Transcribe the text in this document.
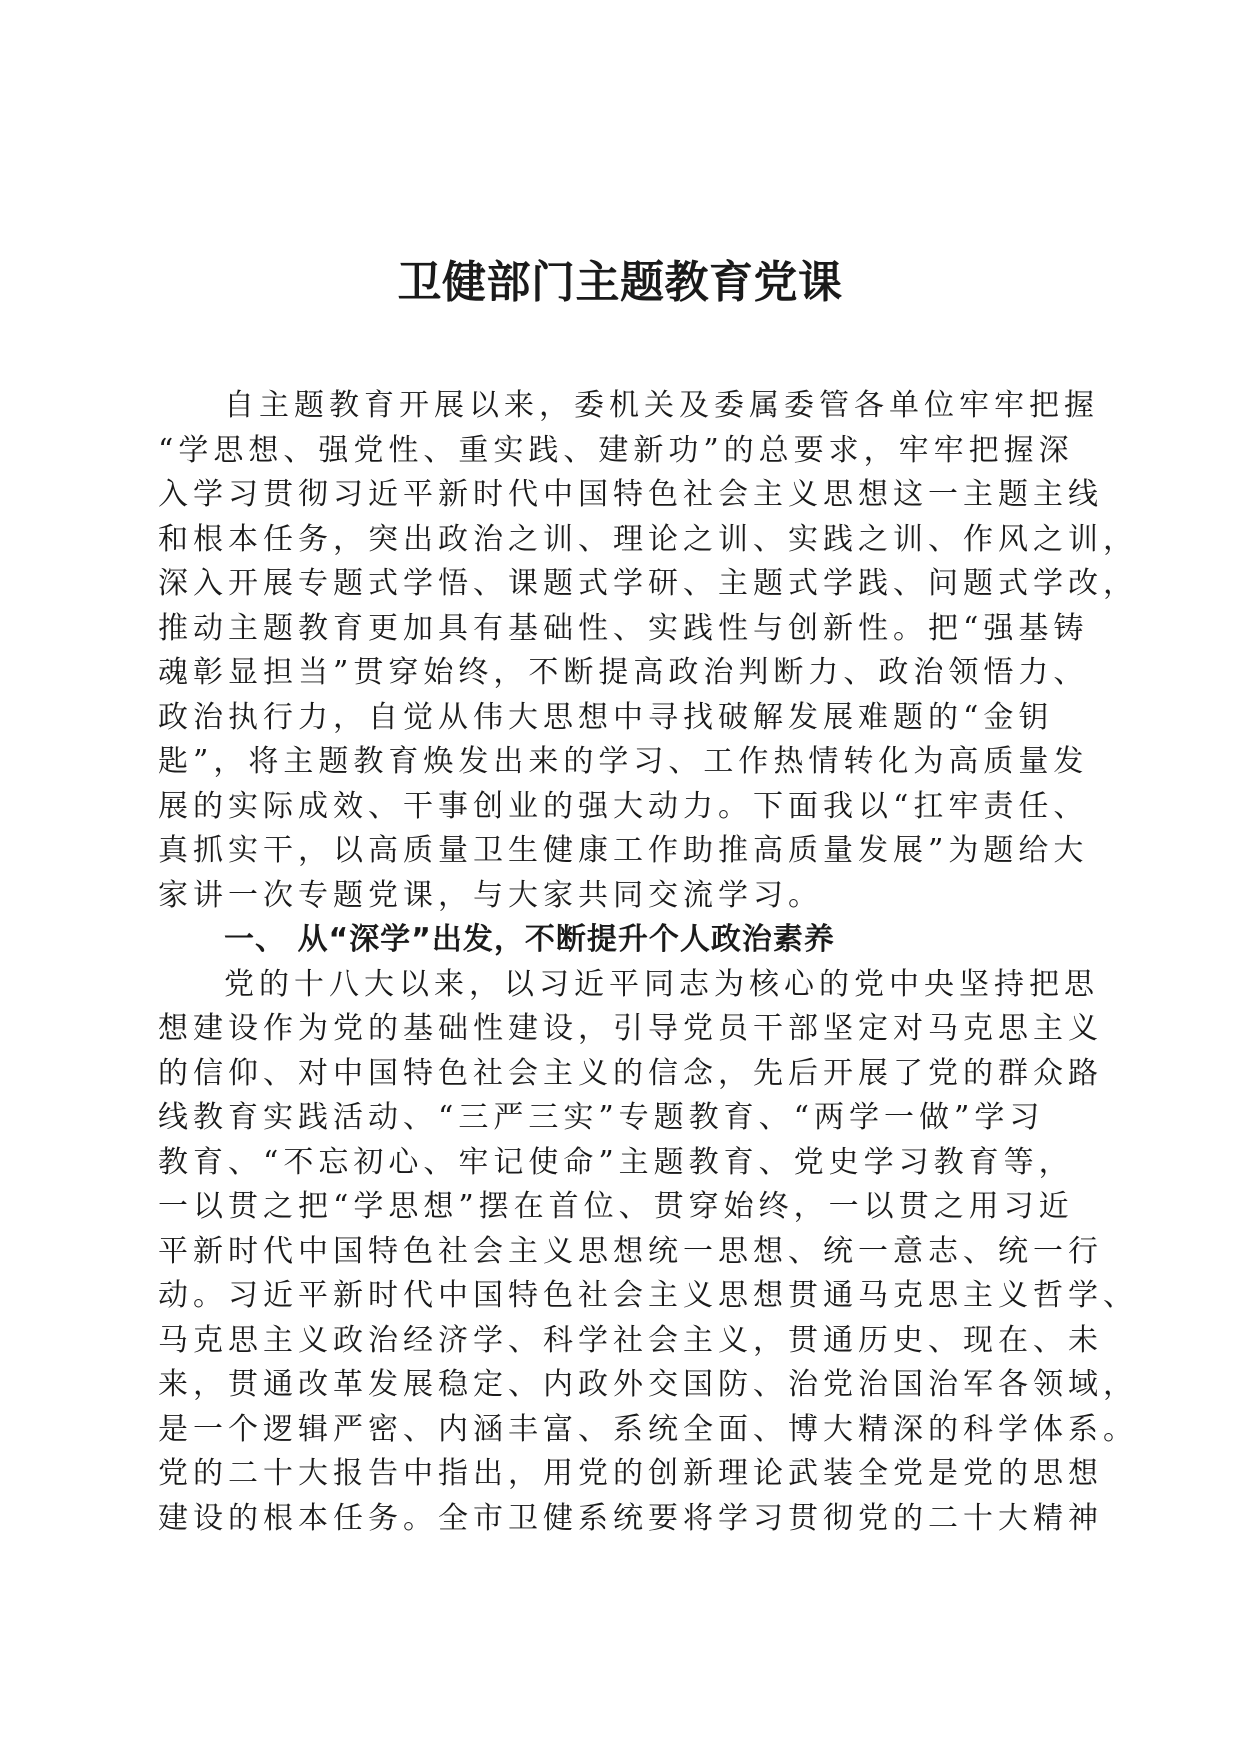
卫健部门主题教育党课
自主题教育开展以来，委机关及委属委管各单位牢牢把握
“学思想、强党性、重实践、建新功”的总要求，牢牢把握深
入学习贯彻习近平新时代中国特色社会主义思想这一主题主线
和根本任务，突出政治之训、理论之训、实践之训、作风之训，
深入开展专题式学悟、课题式学研、主题式学践、问题式学改，
推动主题教育更加具有基础性、实践性与创新性。把“强基铸
魂彰显担当”贯穿始终，不断提高政治判断力、政治领悟力、
政治执行力，自觉从伟大思想中寻找破解发展难题的“金钥
匙”，将主题教育焕发出来的学习、工作热情转化为高质量发
展的实际成效、干事创业的强大动力。下面我以“扛牢责任、
真抓实干，以高质量卫生健康工作助推高质量发展”为题给大
家讲一次专题党课，与大家共同交流学习。
一、 从“深学”出发，不断提升个人政治素养
党的十八大以来，以习近平同志为核心的党中央坚持把思
想建设作为党的基础性建设，引导党员干部坚定对马克思主义
的信仰、对中国特色社会主义的信念，先后开展了党的群众路
线教育实践活动、“三严三实”专题教育、“两学一做”学习
教育、“不忘初心、牢记使命”主题教育、党史学习教育等，
一以贯之把“学思想”摆在首位、贯穿始终，一以贯之用习近
平新时代中国特色社会主义思想统一思想、统一意志、统一行
动。习近平新时代中国特色社会主义思想贯通马克思主义哲学、
马克思主义政治经济学、科学社会主义，贯通历史、现在、未
来，贯通改革发展稳定、内政外交国防、治党治国治军各领域，
是一个逻辑严密、内涵丰富、系统全面、博大精深的科学体系。
党的二十大报告中指出，用党的创新理论武装全党是党的思想
建设的根本任务。全市卫健系统要将学习贯彻党的二十大精神
